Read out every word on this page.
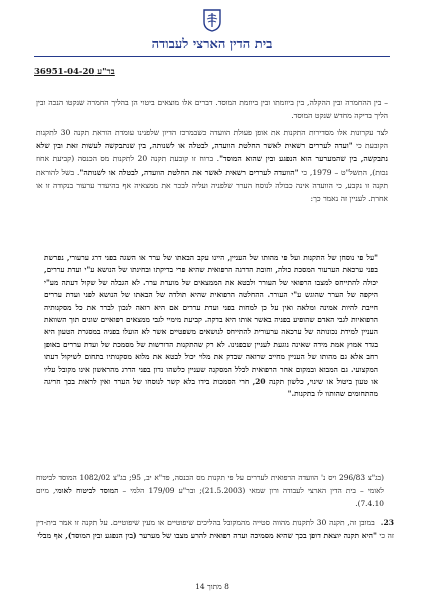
בית הדין הארצי לעבודה
בר"ע 36951-04-20
– בין ההחמרה ובין ההקלה, בין ביוזמתו ובין ביוזמת המוסד. דברים אלו מוצאים ביטוי הן בהליך החמרה שנקטו הנכה ובין הליך בדיקה מחדש שנקט המוסד.
לצד עקרונות אלו מסדירות התקנות את אופן פעולת הוועדה כשבמרכז הדיון שלפנינו עומדת הוראת תקנה 30 לתקנות הקובעת כי "ועדה לעררים רשאית לאשר החלטת הוועדה, לבטלה או לשנותה, בין שנתבקשה לעשות זאת ובין שלא נתבקשה, בין שהמערער הוא הנפגע ובין שהוא המוסד". ברוח זו קובעת תקנה 20 לתקנות מס הכנסה (קביעת אחוז נכות), התשל"ט – 1979, כי "הוועדה לעררים רשאית לאשר את החלטת הוועדה, לבטלה או לשנותה". בשל להוראת תקנה זו נקבע, כי הוועדה אינה כבולה לנוסח הערר שלפניה ועליה לבכר את ממצאיה אף בהיעדר ערעור בנקודה זו או אחרת. לעניין זה נאמר כך:
"על פי נוסחן של התקנות ועל פי מהותו של העניין, היינו עקב הבאתו של ערר או השגה בפני דרג ערעורי, נפרשת בפני ערכאת הערעור המסכת כולה, וחובת הדרגה הרפואית שהיא פרי בדיקתו ובחינתו של הנושא ע"י ועדת עררים, יכולה להתייחס למצבו הרפואי של העורר ולבטא את הממצאים של מועדת ערר. לא הגבלה של שקול דעתה מע"י היקפה של הערר שהוגש ע"י העורר. ההחלטה הרפואית שהיא תולדה של הבאתו של הנושא לפני ועדת עררים חייבת להיות אמינה ומלאה ואין על כן למחות בפני ועדת עררים אם היא רואה לנכון לברר את כל מסקנותיה הרפואיות לגבי האדם שהופיע בפניה באשר אותו היא בדקה. קביעת מימיי לגבי ממצאים רפואיים שונים תוך השוואת העניין למידת נכונותה של ערכאה ערעורית להתייחס לנושאים משפטיים אשר לא הועלו בפניה במסגרת הטעון היא בגדר אמוץ אמת מידה שאינה נוגעת לעניין שבפנינו. לא רק שהתקנות הדורשות של מסמכת של ועדת עררים באופן רחב אלא גם מהותו של העניין מחייב שרואה שבדק את מלוי יכול לבטא את מלוא מסקנותיו בתחום לשיקול דעתו המקצועי. גם המבוא ובמקום אחר הרפואית לכלל המסקנה שעניין כלשהו נדון בפני הדרג מהראשון אינו מקובל עליו או טעון ביטול או שינוי, כלשון תקנה 20, חרי הסמכות בידו בלא קשר לנוסחו של הערר ואין לראות בכך חריגה מהתחומים שהותוו לו בתקנות."
(בג"צ 296/83 ויס נ' הוועדה הרפואית לעררים על פי תקנות מס הכנסה, פד"א יב, 95; בג"צ 1082/02 המוסד לביטוח לאומי – בית הדין הארצי לעבודה ורון שמאי (21.5.2003); ובר"ע 179/09 הלמי – המוסד לביטוח לאומי, מיום 7.4.10).
23.במובן זה, תקנה 30 לתקנות מהווה סטייה מהמקובל בהליכים שיפוטיים או מעין שיפוטיים. על תקנה זו אמר בית-דין זה כי "היא תקנה יוצאת דופן בכך שהיא מסמיכה ועדה רפואית להרע מצבו של מערער (בין הנפגע ובין המוסד), אף מבלי
8 מתוך 14
